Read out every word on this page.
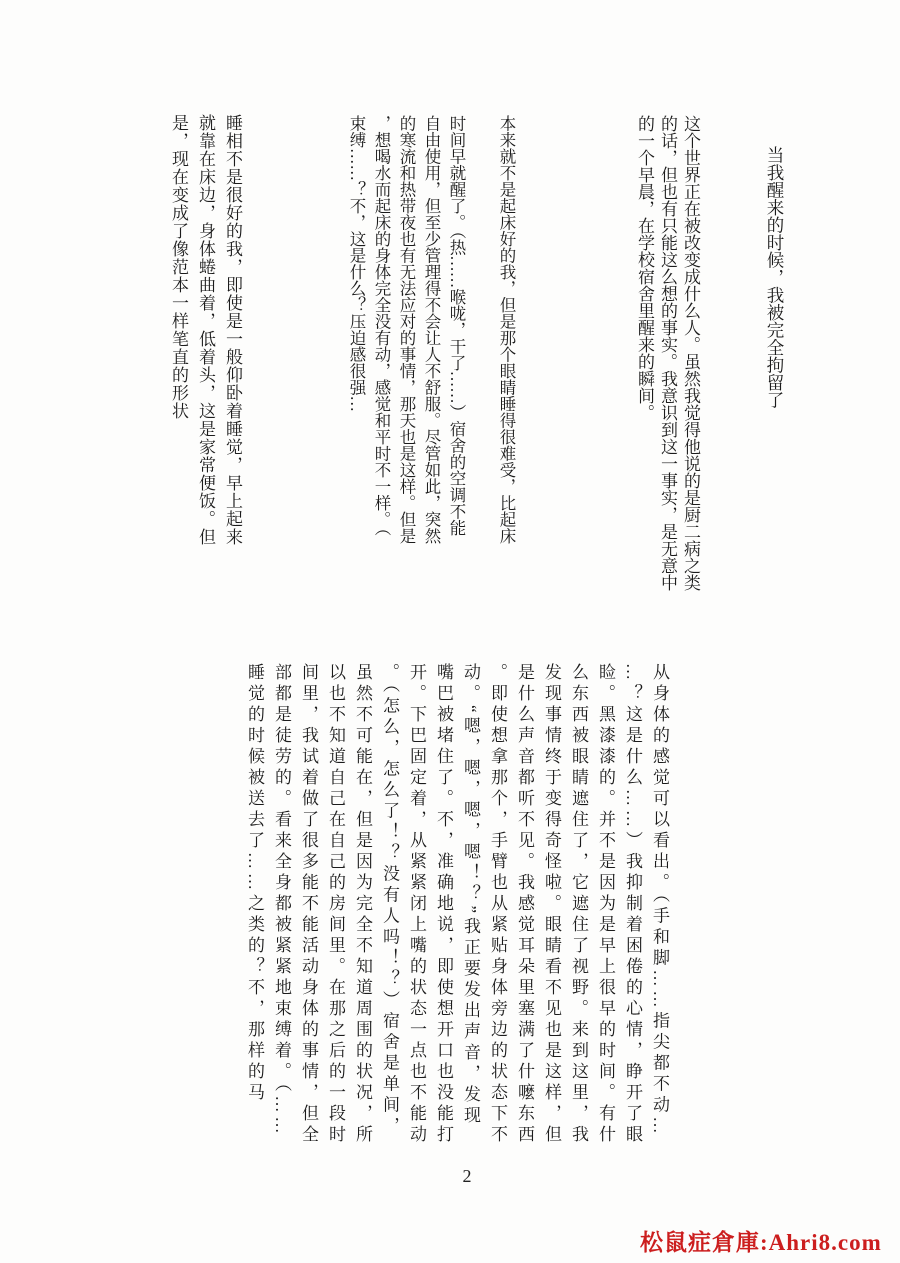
当我醒来的时候，我被完全拘留了
这个世界正在被改变成什么人。虽然我觉得他说的是厨二病之类
的话，但也有只能这么想的事实。我意识到这一事实，是无意中
的一个早晨，在学校宿舍里醒来的瞬间。
本来就不是起床好的我，但是那个眼睛睡得很难受，比起床
时间早就醒了。（热……喉咙，干了……）宿舍的空调不能
自由使用，但至少管理得不会让人不舒服。尽管如此，突然
的寒流和热带夜也有无法应对的事情，那天也是这样。但是
，想喝水而起床的身体完全没有动，感觉和平时不一样。（
束缚……？不，这是什么？压迫感很强…
睡相不是很好的我，即使是一般仰卧着睡觉，早上起来
就靠在床边，身体蜷曲着，低着头，这是家常便饭。但
是，现在变成了像范本一样笔直的形状
从身体的感觉可以看出。（手和脚……指尖都不动…
…？这是什么……）我抑制着困倦的心情，睁开了眼
睑。黑漆漆的。并不是因为是早上很早的时间。有什
么东西被眼睛遮住了，它遮住了视野。来到这里，我
发现事情终于变得奇怪啦。眼睛看不见也是这样，但
是什么声音都听不见。我感觉耳朵里塞满了什嚒东西
。即使想拿那个，手臂也从紧贴身体旁边的状态下不
动。“嗯，嗯，嗯，嗯！？”我正要发出声音，发现
嘴巴被堵住了。不，准确地说，即使想开口也没能打
开。下巴固定着，从紧紧闭上嘴的状态一点也不能动
。（怎么，怎么了！？没有人吗！？）宿舍是单间，
虽然不可能在，但是因为完全不知道周围的状况，所
以也不知道自己在自己的房间里。在那之后的一段时
间里，我试着做了很多能不能活动身体的事情，但全
部都是徒劳的。看来全身都被紧紧地束缚着。（……
睡觉的时候被送去了……之类的？不，那样的马
2
松鼠症倉庫:Ahri8.com
